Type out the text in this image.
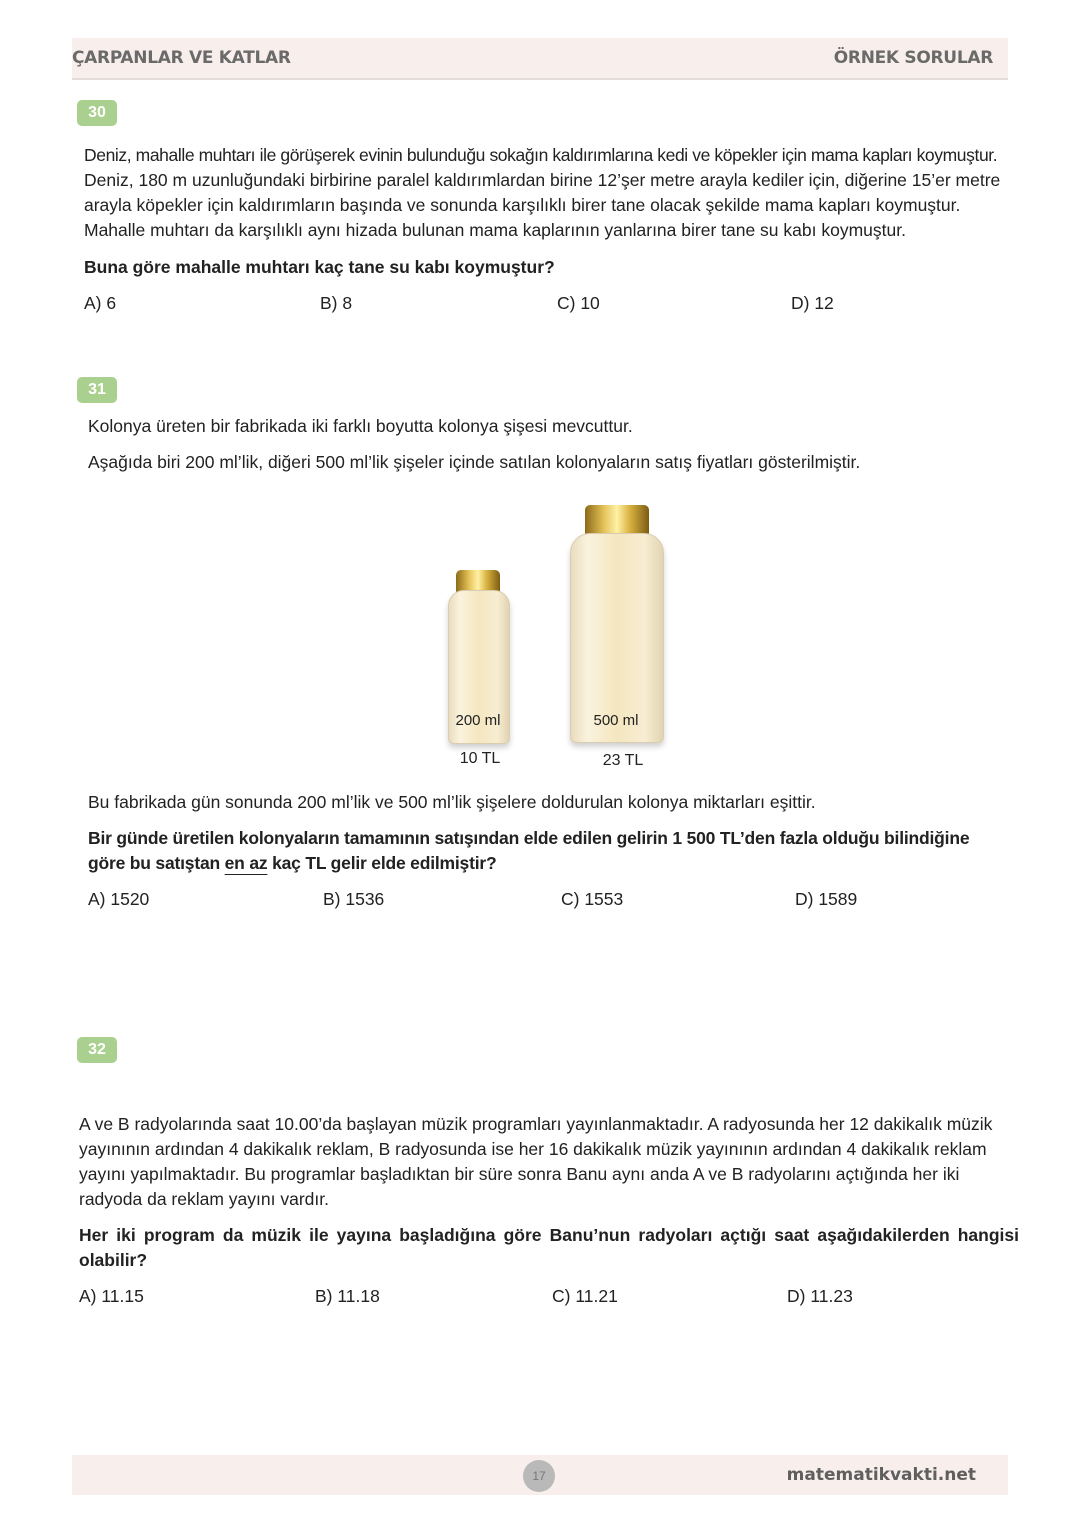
ÇARPANLAR VE KATLAR	ÖRNEK SORULAR
30
Deniz, mahalle muhtarı ile görüşerek evinin bulunduğu sokağın kaldırımlarına kedi ve köpekler için mama kapları koymuştur.
Deniz, 180 m uzunluğundaki birbirine paralel kaldırımlardan birine 12’şer metre arayla kediler için, diğerine 15’er metre
arayla köpekler için kaldırımların başında ve sonunda karşılıklı birer tane olacak şekilde mama kapları koymuştur.
Mahalle muhtarı da karşılıklı aynı hizada bulunan mama kaplarının yanlarına birer tane su kabı koymuştur.
Buna göre mahalle muhtarı kaç tane su kabı koymuştur?
A) 6	B) 8	C) 10	D) 12
31
Kolonya üreten bir fabrikada iki farklı boyutta kolonya şişesi mevcuttur.
Aşağıda biri 200 ml’lik, diğeri 500 ml’lik şişeler içinde satılan kolonyaların satış fiyatları gösterilmiştir.
200 ml
10 TL
500 ml
23 TL
Bu fabrikada gün sonunda 200 ml’lik ve 500 ml’lik şişelere doldurulan kolonya miktarları eşittir.
Bir günde üretilen kolonyaların tamamının satışından elde edilen gelirin 1 500 TL’den fazla olduğu bilindiğine
göre bu satıştan en az kaç TL gelir elde edilmiştir?
A) 1520	B) 1536	C) 1553	D) 1589
32
A ve B radyolarında saat 10.00’da başlayan müzik programları yayınlanmaktadır. A radyosunda her 12 dakikalık müzik
yayınının ardından 4 dakikalık reklam, B radyosunda ise her 16 dakikalık müzik yayınının ardından 4 dakikalık reklam
yayını yapılmaktadır. Bu programlar başladıktan bir süre sonra Banu aynı anda A ve B radyolarını açtığında her iki
radyoda da reklam yayını vardır.
Her iki program da müzik ile yayına başladığına göre Banu’nun radyoları açtığı saat aşağıdakilerden hangisi olabilir?
A) 11.15	B) 11.18	C) 11.21	D) 11.23
17	matematikvakti.net
